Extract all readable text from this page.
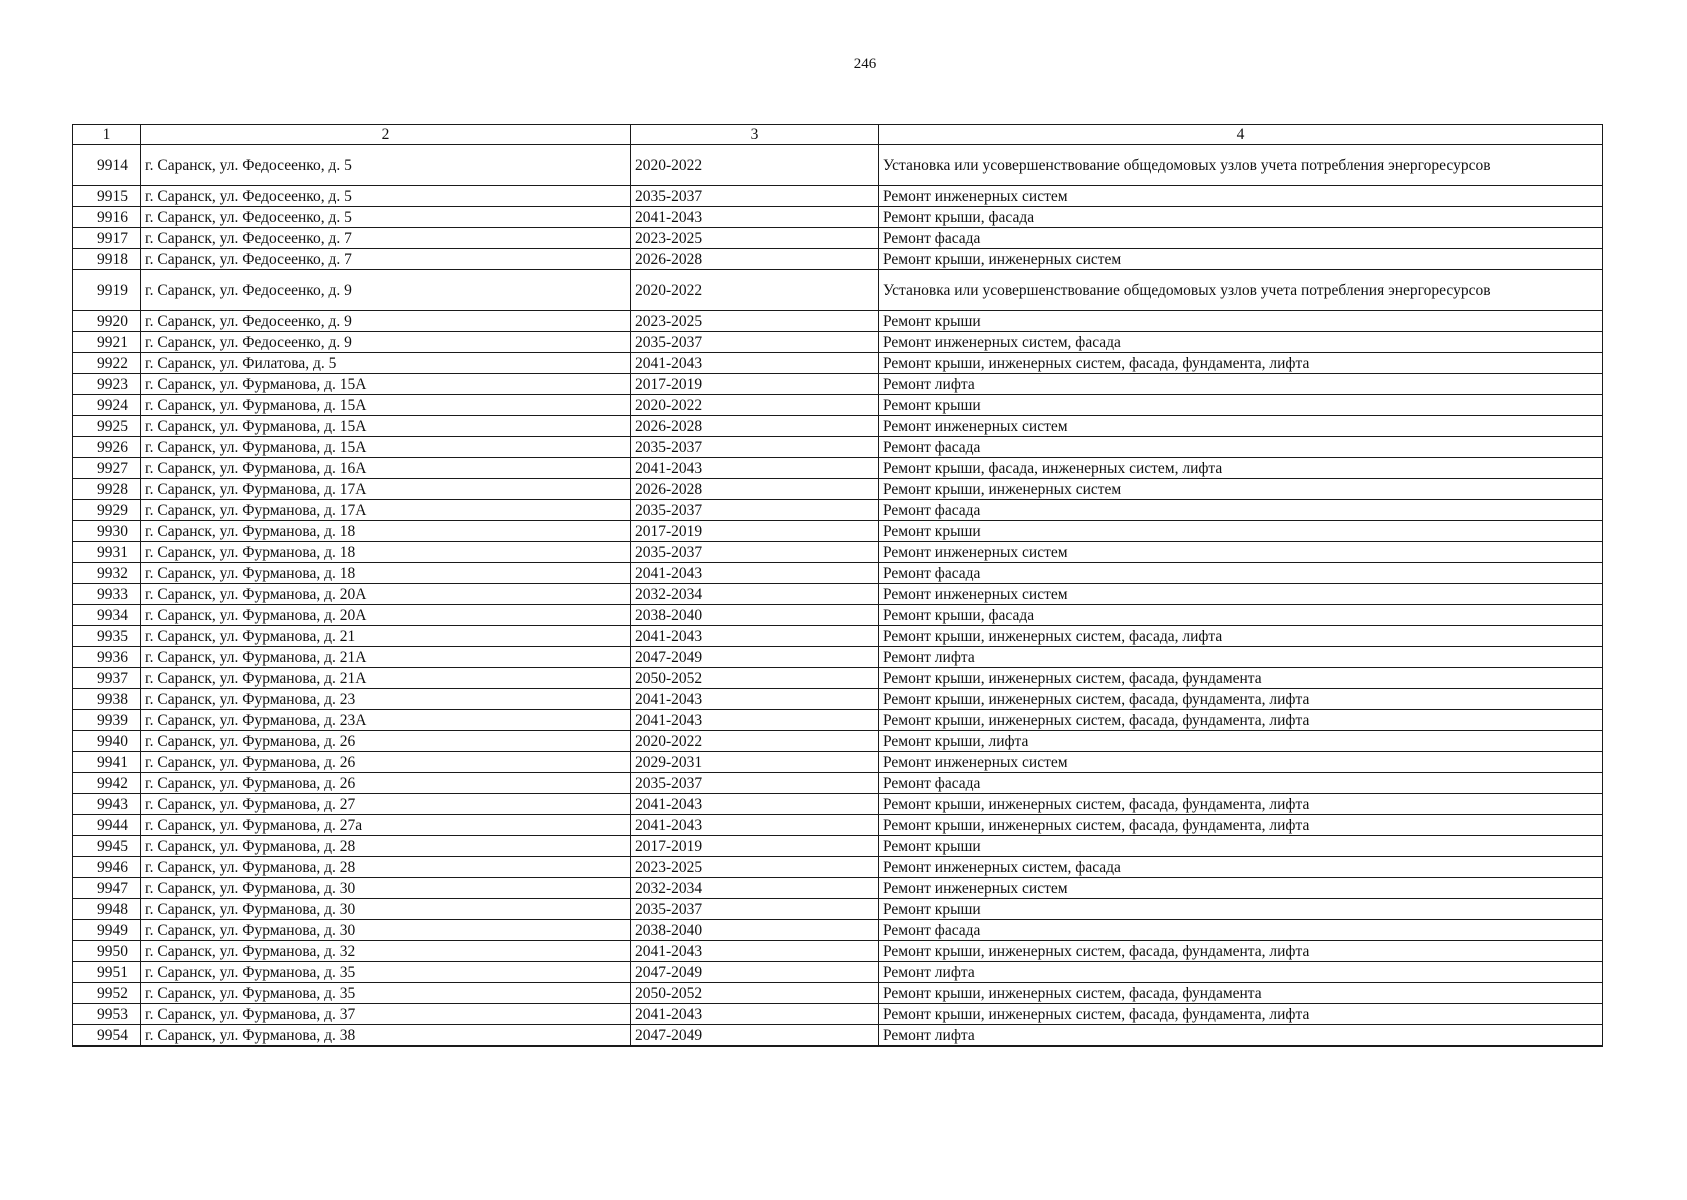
246
1	2	3	4
9914	г. Саранск, ул. Федосеенко, д. 5	2020-2022	Установка или усовершенствование общедомовых узлов учета потребления энергоресурсов
9915	г. Саранск, ул. Федосеенко, д. 5	2035-2037	Ремонт инженерных систем
9916	г. Саранск, ул. Федосеенко, д. 5	2041-2043	Ремонт крыши, фасада
9917	г. Саранск, ул. Федосеенко, д. 7	2023-2025	Ремонт фасада
9918	г. Саранск, ул. Федосеенко, д. 7	2026-2028	Ремонт крыши, инженерных систем
9919	г. Саранск, ул. Федосеенко, д. 9	2020-2022	Установка или усовершенствование общедомовых узлов учета потребления энергоресурсов
9920	г. Саранск, ул. Федосеенко, д. 9	2023-2025	Ремонт крыши
9921	г. Саранск, ул. Федосеенко, д. 9	2035-2037	Ремонт инженерных систем, фасада
9922	г. Саранск, ул. Филатова, д. 5	2041-2043	Ремонт крыши, инженерных систем, фасада, фундамента, лифта
9923	г. Саранск, ул. Фурманова, д. 15А	2017-2019	Ремонт лифта
9924	г. Саранск, ул. Фурманова, д. 15А	2020-2022	Ремонт крыши
9925	г. Саранск, ул. Фурманова, д. 15А	2026-2028	Ремонт инженерных систем
9926	г. Саранск, ул. Фурманова, д. 15А	2035-2037	Ремонт фасада
9927	г. Саранск, ул. Фурманова, д. 16А	2041-2043	Ремонт крыши, фасада, инженерных систем, лифта
9928	г. Саранск, ул. Фурманова, д. 17А	2026-2028	Ремонт крыши, инженерных систем
9929	г. Саранск, ул. Фурманова, д. 17А	2035-2037	Ремонт фасада
9930	г. Саранск, ул. Фурманова, д. 18	2017-2019	Ремонт крыши
9931	г. Саранск, ул. Фурманова, д. 18	2035-2037	Ремонт инженерных систем
9932	г. Саранск, ул. Фурманова, д. 18	2041-2043	Ремонт фасада
9933	г. Саранск, ул. Фурманова, д. 20А	2032-2034	Ремонт инженерных систем
9934	г. Саранск, ул. Фурманова, д. 20А	2038-2040	Ремонт крыши, фасада
9935	г. Саранск, ул. Фурманова, д. 21	2041-2043	Ремонт крыши, инженерных систем, фасада, лифта
9936	г. Саранск, ул. Фурманова, д. 21А	2047-2049	Ремонт лифта
9937	г. Саранск, ул. Фурманова, д. 21А	2050-2052	Ремонт крыши, инженерных систем, фасада, фундамента
9938	г. Саранск, ул. Фурманова, д. 23	2041-2043	Ремонт крыши, инженерных систем, фасада, фундамента, лифта
9939	г. Саранск, ул. Фурманова, д. 23А	2041-2043	Ремонт крыши, инженерных систем, фасада, фундамента, лифта
9940	г. Саранск, ул. Фурманова, д. 26	2020-2022	Ремонт крыши, лифта
9941	г. Саранск, ул. Фурманова, д. 26	2029-2031	Ремонт инженерных систем
9942	г. Саранск, ул. Фурманова, д. 26	2035-2037	Ремонт фасада
9943	г. Саранск, ул. Фурманова, д. 27	2041-2043	Ремонт крыши, инженерных систем, фасада, фундамента, лифта
9944	г. Саранск, ул. Фурманова, д. 27а	2041-2043	Ремонт крыши, инженерных систем, фасада, фундамента, лифта
9945	г. Саранск, ул. Фурманова, д. 28	2017-2019	Ремонт крыши
9946	г. Саранск, ул. Фурманова, д. 28	2023-2025	Ремонт инженерных систем, фасада
9947	г. Саранск, ул. Фурманова, д. 30	2032-2034	Ремонт инженерных систем
9948	г. Саранск, ул. Фурманова, д. 30	2035-2037	Ремонт крыши
9949	г. Саранск, ул. Фурманова, д. 30	2038-2040	Ремонт фасада
9950	г. Саранск, ул. Фурманова, д. 32	2041-2043	Ремонт крыши, инженерных систем, фасада, фундамента, лифта
9951	г. Саранск, ул. Фурманова, д. 35	2047-2049	Ремонт лифта
9952	г. Саранск, ул. Фурманова, д. 35	2050-2052	Ремонт крыши, инженерных систем, фасада, фундамента
9953	г. Саранск, ул. Фурманова, д. 37	2041-2043	Ремонт крыши, инженерных систем, фасада, фундамента, лифта
9954	г. Саранск, ул. Фурманова, д. 38	2047-2049	Ремонт лифта
